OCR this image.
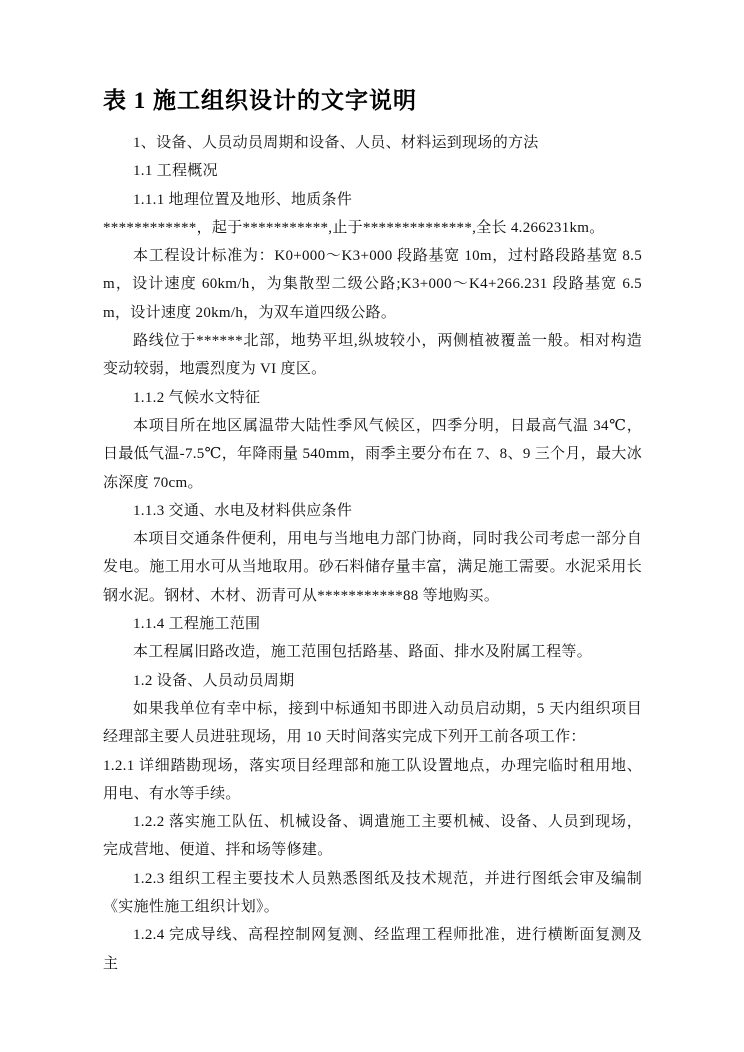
表 1 施工组织设计的文字说明

1、设备、人员动员周期和设备、人员、材料运到现场的方法

1.1 工程概况

1.1.1 地理位置及地形、地质条件

************，起于***********,止于**************,全长 4.266231km。

本工程设计标准为：K0+000～K3+000 段路基宽 10m，过村路段路基宽 8.5m，设计速度 60km/h，为集散型二级公路;K3+000～K4+266.231 段路基宽 6.5m，设计速度 20km/h，为双车道四级公路。

路线位于******北部，地势平坦,纵坡较小，两侧植被覆盖一般。相对构造变动较弱，地震烈度为 VI 度区。

1.1.2 气候水文特征

本项目所在地区属温带大陆性季风气候区，四季分明，日最高气温 34℃，日最低气温-7.5℃，年降雨量 540mm，雨季主要分布在 7、8、9 三个月，最大冰冻深度 70cm。

1.1.3 交通、水电及材料供应条件

本项目交通条件便利，用电与当地电力部门协商，同时我公司考虑一部分自发电。施工用水可从当地取用。砂石料储存量丰富，满足施工需要。水泥采用长钢水泥。钢材、木材、沥青可从***********88 等地购买。

1.1.4 工程施工范围

本工程属旧路改造，施工范围包括路基、路面、排水及附属工程等。

1.2 设备、人员动员周期

如果我单位有幸中标，接到中标通知书即进入动员启动期，5 天内组织项目经理部主要人员进驻现场，用 10 天时间落实完成下列开工前各项工作：

1.2.1 详细踏勘现场，落实项目经理部和施工队设置地点，办理完临时租用地、用电、有水等手续。

1.2.2 落实施工队伍、机械设备、调遣施工主要机械、设备、人员到现场，完成营地、便道、拌和场等修建。

1.2.3 组织工程主要技术人员熟悉图纸及技术规范，并进行图纸会审及编制《实施性施工组织计划》。

1.2.4 完成导线、高程控制网复测、经监理工程师批准，进行横断面复测及主
